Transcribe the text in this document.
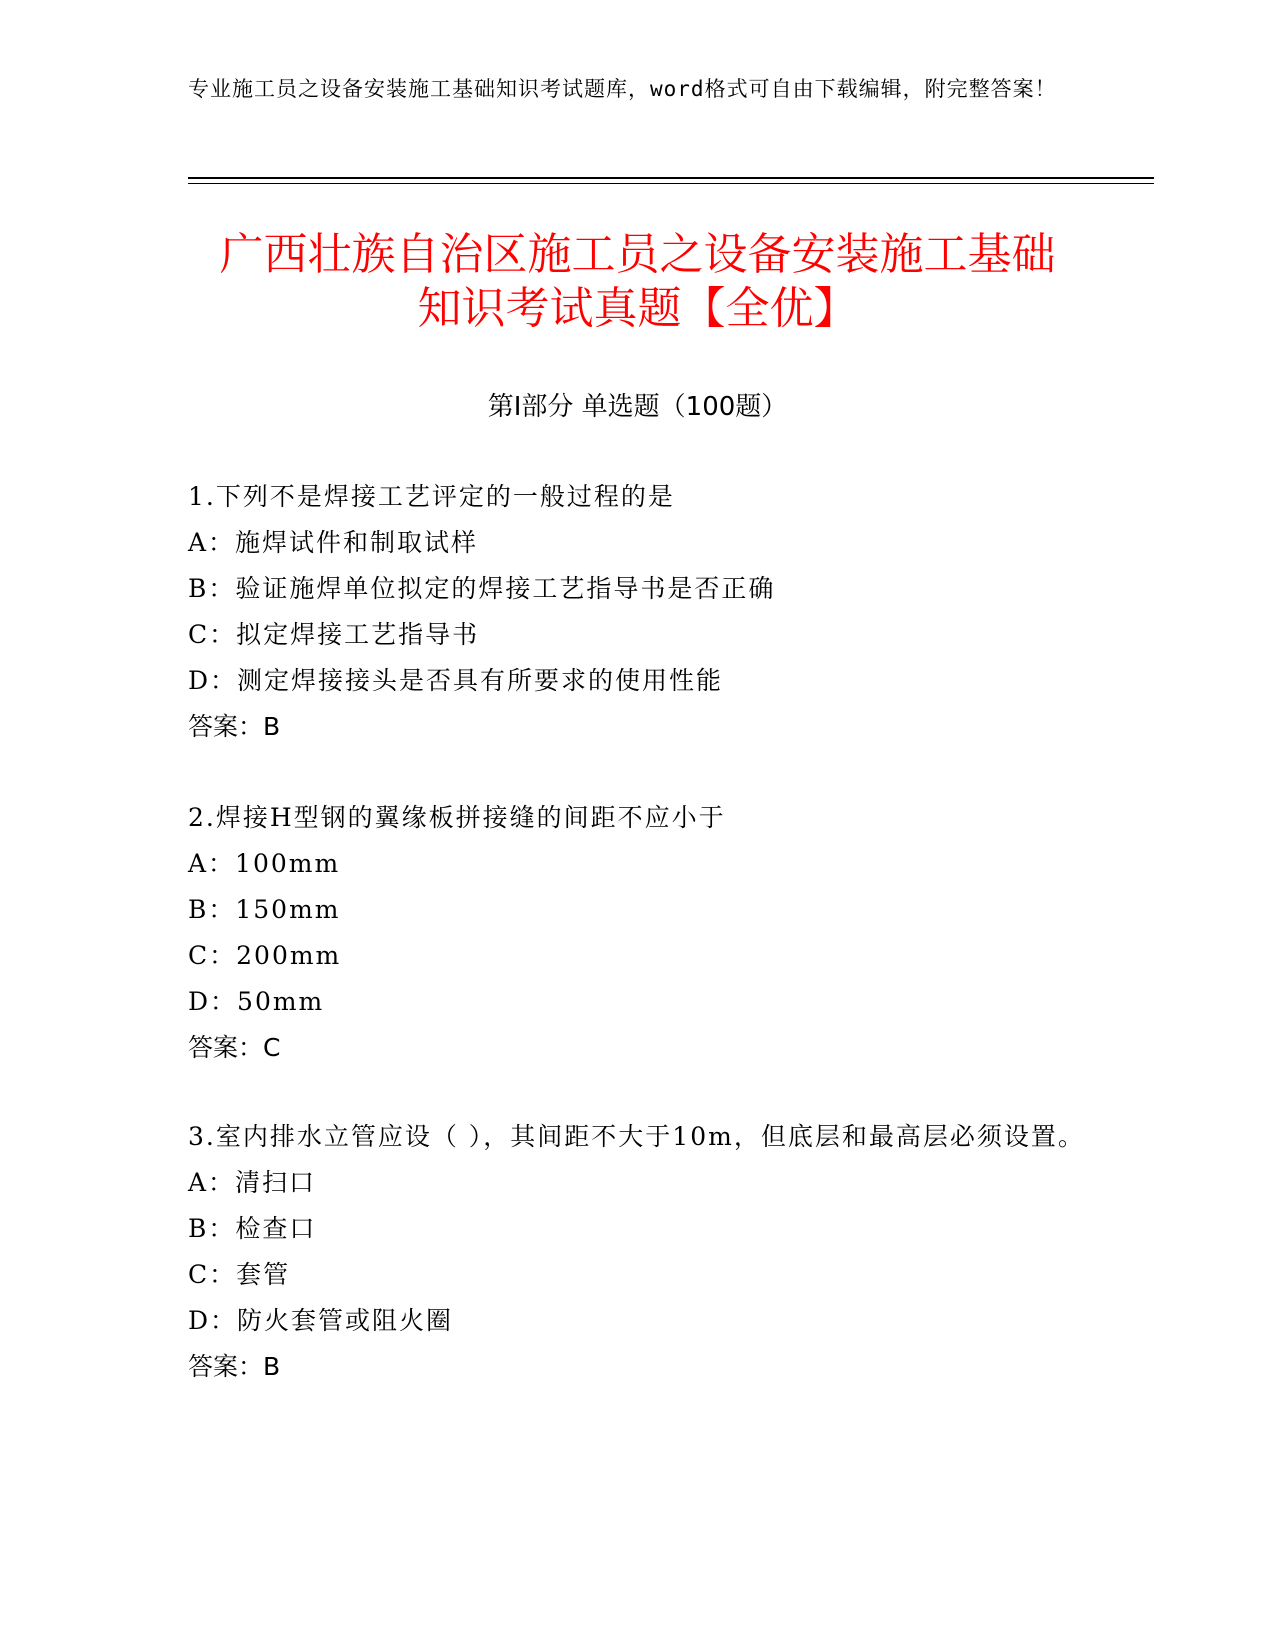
专业施工员之设备安装施工基础知识考试题库，word格式可自由下载编辑，附完整答案！
广西壮族自治区施工员之设备安装施工基础
知识考试真题【全优】
第Ⅰ部分 单选题（100题）
1.下列不是焊接工艺评定的一般过程的是
A：施焊试件和制取试样
B：验证施焊单位拟定的焊接工艺指导书是否正确
C：拟定焊接工艺指导书
D：测定焊接接头是否具有所要求的使用性能
答案：B
2.焊接H型钢的翼缘板拼接缝的间距不应小于
A：100mm
B：150mm
C：200mm
D：50mm
答案：C
3.室内排水立管应设（ ），其间距不大于10m，但底层和最高层必须设置。
A：清扫口
B：检查口
C：套管
D：防火套管或阻火圈
答案：B
